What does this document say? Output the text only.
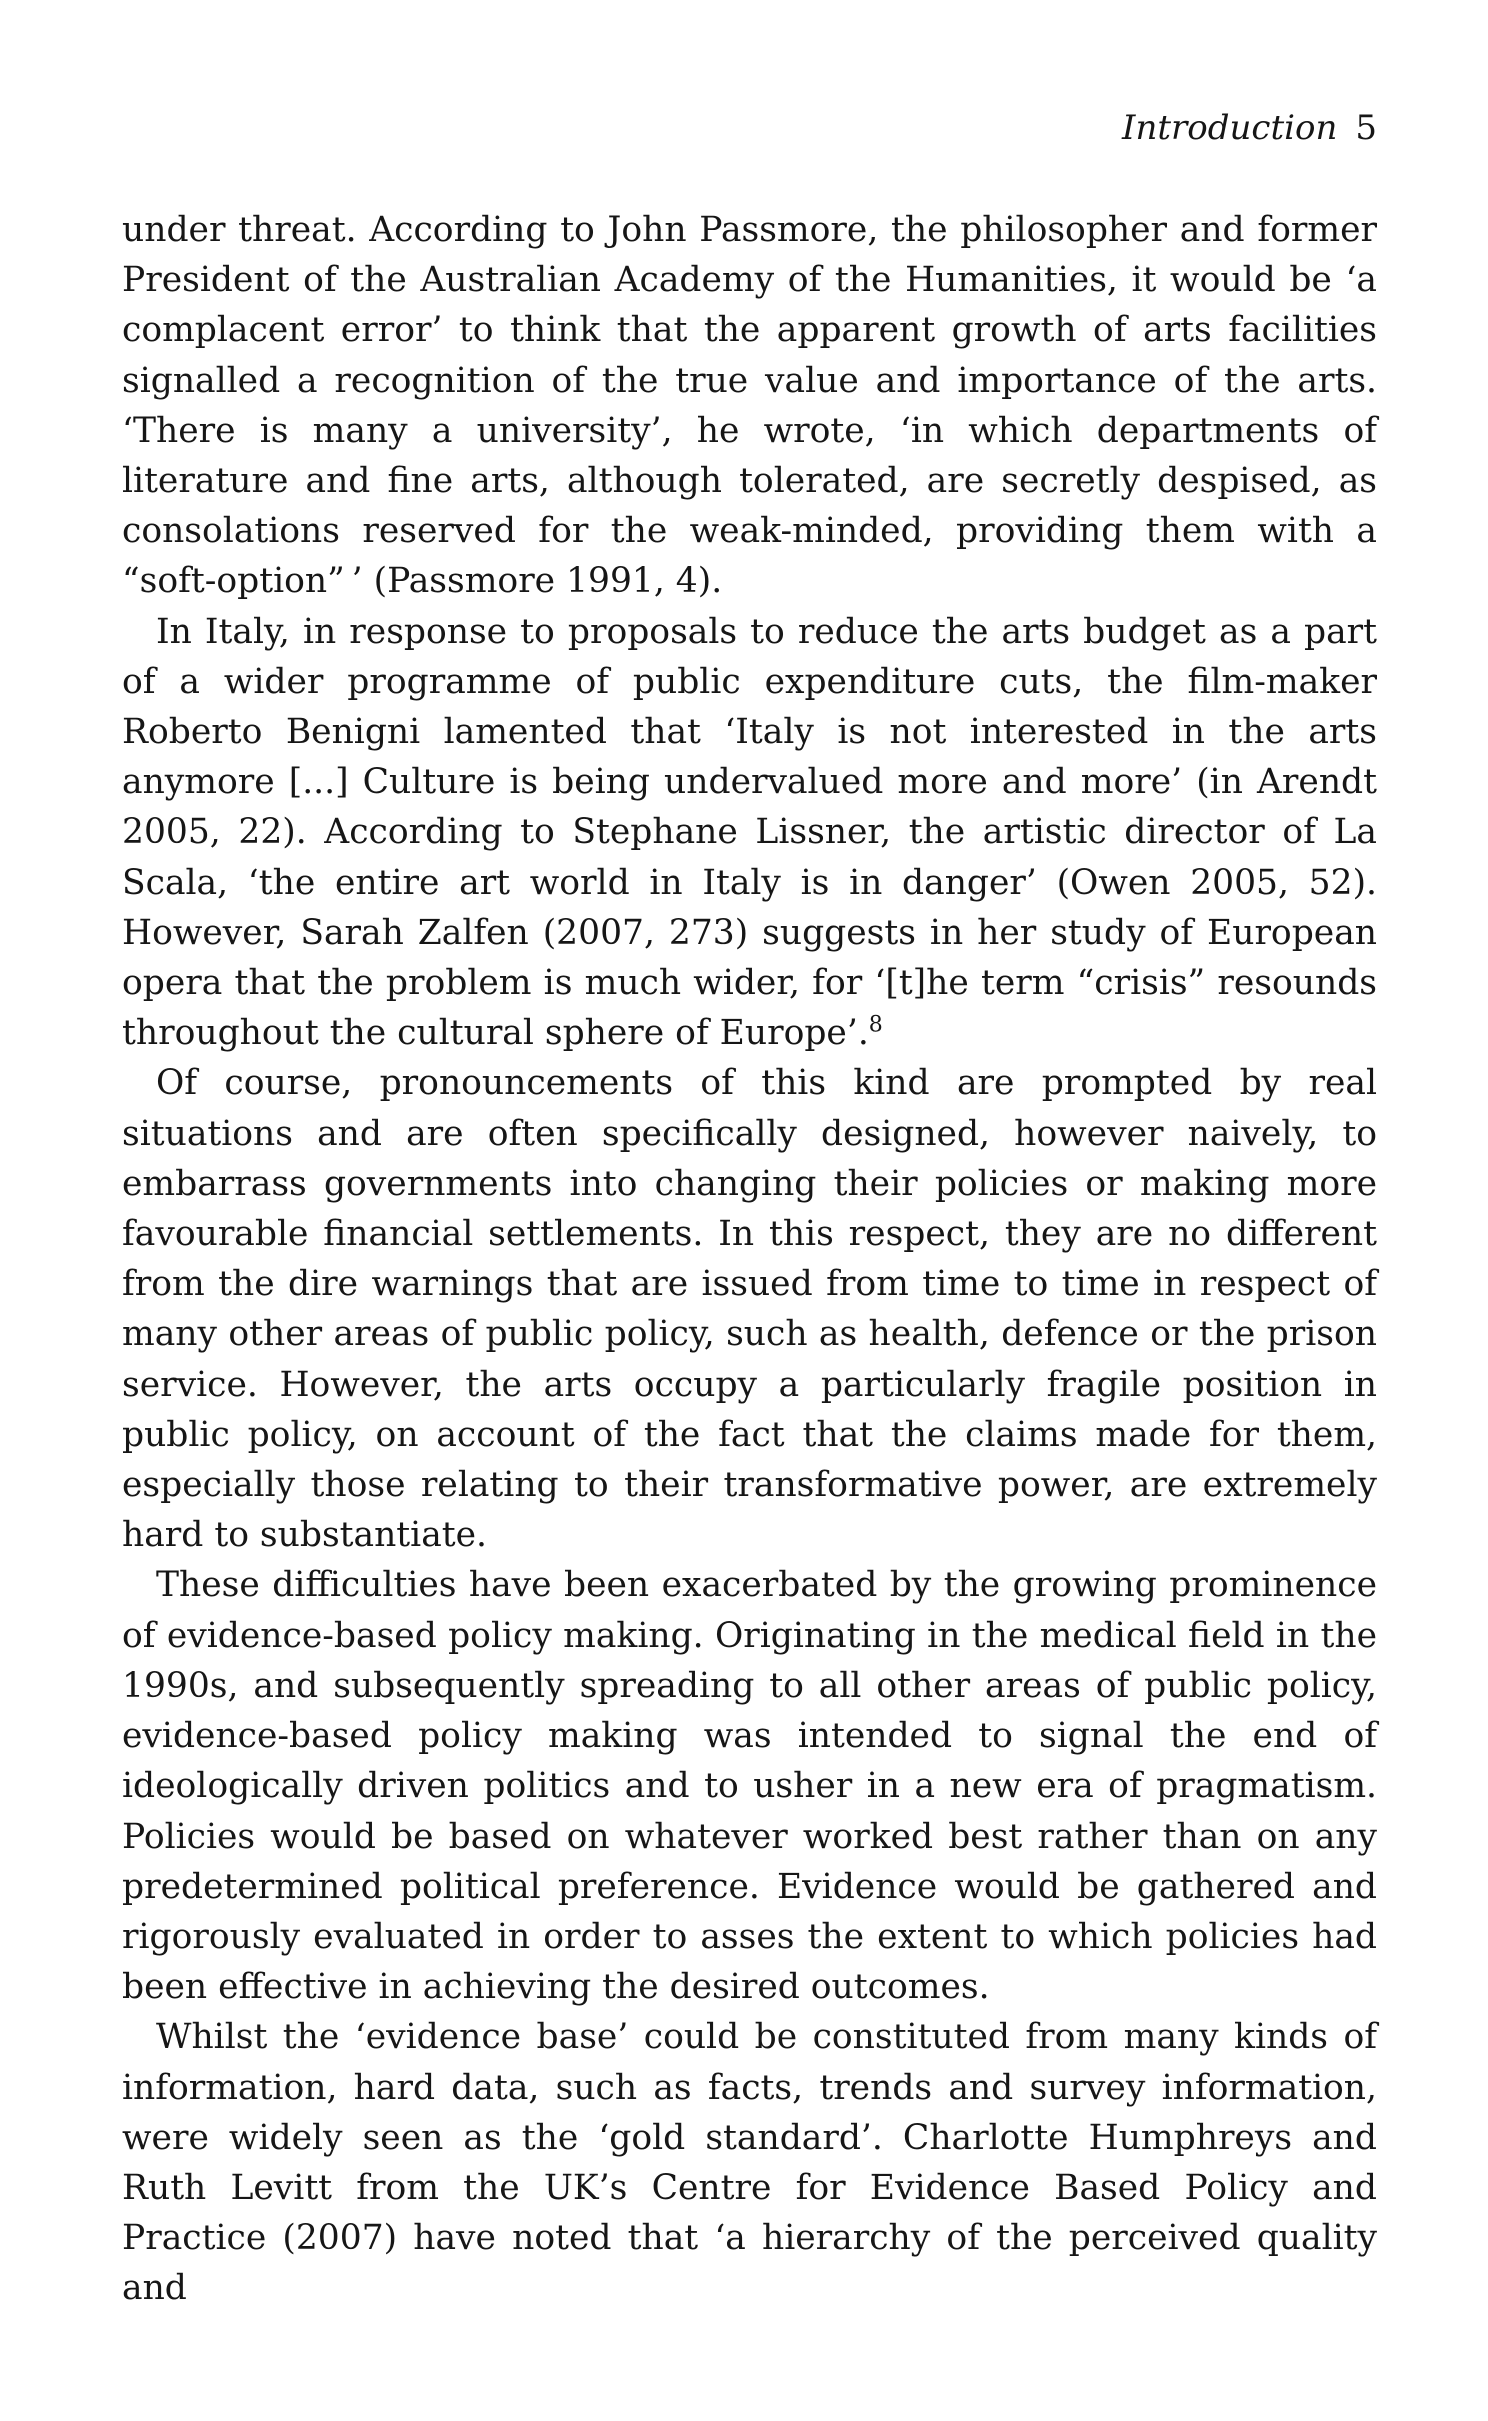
Introduction 5

under threat. According to John Passmore, the philosopher and former President of the Australian Academy of the Humanities, it would be ‘a complacent error’ to think that the apparent growth of arts facilities signalled a recognition of the true value and importance of the arts. ‘There is many a university’, he wrote, ‘in which departments of literature and fine arts, although tolerated, are secretly despised, as consolations reserved for the weak-minded, providing them with a “soft-option” ’ (Passmore 1991, 4).

In Italy, in response to proposals to reduce the arts budget as a part of a wider programme of public expenditure cuts, the film-maker Roberto Benigni lamented that ‘Italy is not interested in the arts anymore [...] Culture is being undervalued more and more’ (in Arendt 2005, 22). According to Stephane Lissner, the artistic director of La Scala, ‘the entire art world in Italy is in danger’ (Owen 2005, 52). However, Sarah Zalfen (2007, 273) suggests in her study of European opera that the problem is much wider, for ‘[t]he term “crisis” resounds throughout the cultural sphere of Europe’.$^8$

Of course, pronouncements of this kind are prompted by real situations and are often specifically designed, however naively, to embarrass governments into changing their policies or making more favourable financial settlements. In this respect, they are no different from the dire warnings that are issued from time to time in respect of many other areas of public policy, such as health, defence or the prison service. However, the arts occupy a particularly fragile position in public policy, on account of the fact that the claims made for them, especially those relating to their transformative power, are extremely hard to substantiate.

These difficulties have been exacerbated by the growing prominence of evidence-based policy making. Originating in the medical field in the 1990s, and subsequently spreading to all other areas of public policy, evidence-based policy making was intended to signal the end of ideologically driven politics and to usher in a new era of pragmatism. Policies would be based on whatever worked best rather than on any predetermined political preference. Evidence would be gathered and rigorously evaluated in order to asses the extent to which policies had been effective in achieving the desired outcomes.

Whilst the ‘evidence base’ could be constituted from many kinds of information, hard data, such as facts, trends and survey information, were widely seen as the ‘gold standard’. Charlotte Humphreys and Ruth Levitt from the UK’s Centre for Evidence Based Policy and Practice (2007) have noted that ‘a hierarchy of the perceived quality and
